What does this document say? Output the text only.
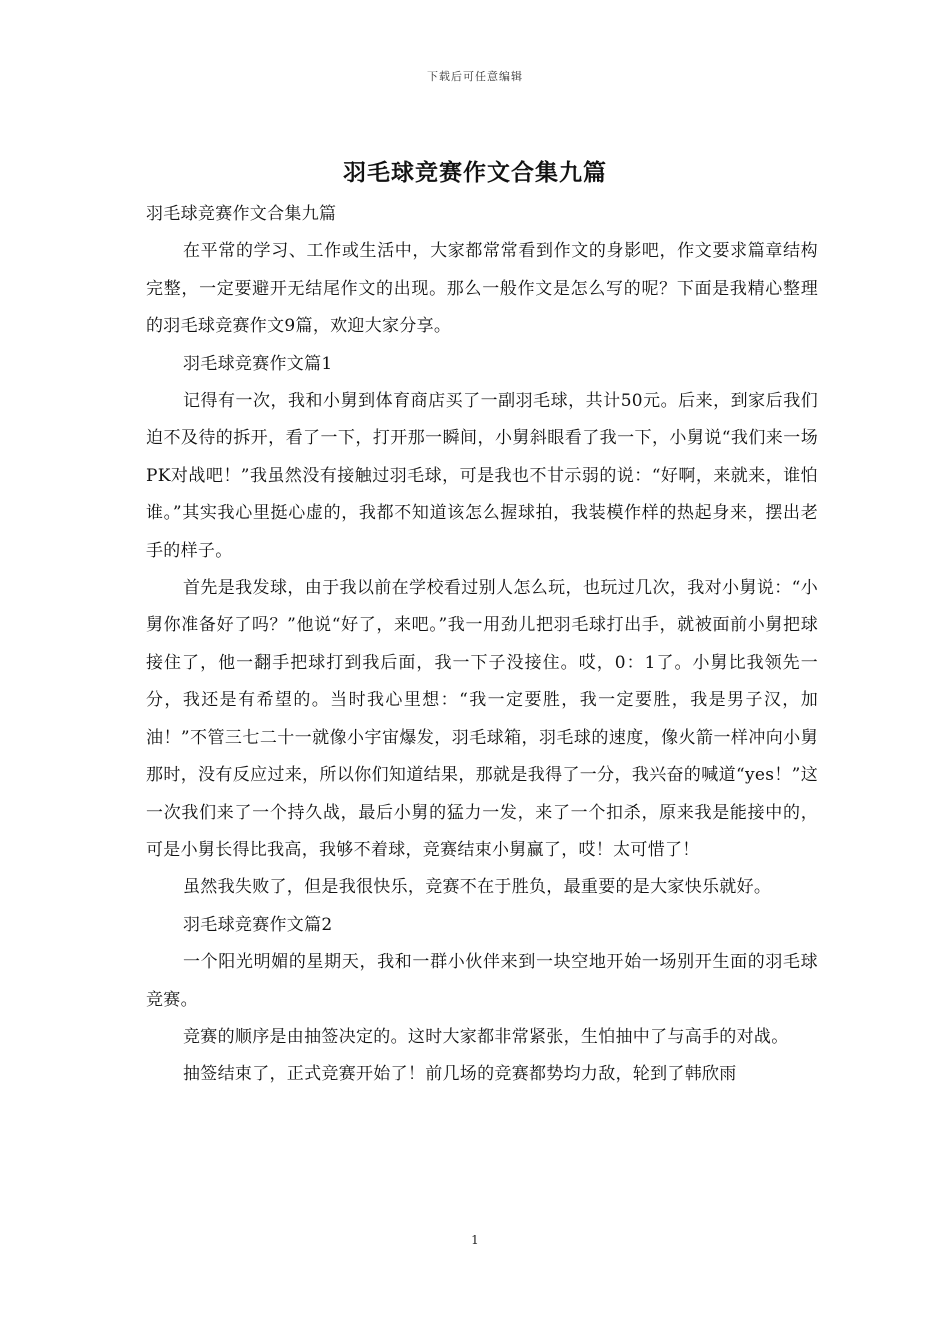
下载后可任意编辑
羽毛球竞赛作文合集九篇

羽毛球竞赛作文合集九篇

在平常的学习、工作或生活中，大家都常常看到作文的身影吧，作文要求篇章结构完整，一定要避开无结尾作文的出现。那么一般作文是怎么写的呢？下面是我精心整理的羽毛球竞赛作文9篇，欢迎大家分享。

羽毛球竞赛作文篇1

记得有一次，我和小舅到体育商店买了一副羽毛球，共计50元。后来，到家后我们迫不及待的拆开，看了一下，打开那一瞬间，小舅斜眼看了我一下，小舅说“我们来一场PK对战吧！”我虽然没有接触过羽毛球，可是我也不甘示弱的说：“好啊，来就来，谁怕谁。”其实我心里挺心虚的，我都不知道该怎么握球拍，我装模作样的热起身来，摆出老手的样子。

首先是我发球，由于我以前在学校看过别人怎么玩，也玩过几次，我对小舅说：“小舅你准备好了吗？”他说“好了，来吧。”我一用劲儿把羽毛球打出手，就被面前小舅把球接住了，他一翻手把球打到我后面，我一下子没接住。哎，0：1了。小舅比我领先一分，我还是有希望的。当时我心里想：“我一定要胜，我一定要胜，我是男子汉，加油！”不管三七二十一就像小宇宙爆发，羽毛球箱，羽毛球的速度，像火箭一样冲向小舅那时，没有反应过来，所以你们知道结果，那就是我得了一分，我兴奋的喊道“yes！”这一次我们来了一个持久战，最后小舅的猛力一发，来了一个扣杀，原来我是能接中的，可是小舅长得比我高，我够不着球，竞赛结束小舅赢了，哎！太可惜了！

虽然我失败了，但是我很快乐，竞赛不在于胜负，最重要的是大家快乐就好。

羽毛球竞赛作文篇2

一个阳光明媚的星期天，我和一群小伙伴来到一块空地开始一场别开生面的羽毛球竞赛。

竞赛的顺序是由抽签决定的。这时大家都非常紧张，生怕抽中了与高手的对战。

抽签结束了，正式竞赛开始了！前几场的竞赛都势均力敌，轮到了韩欣雨

1
